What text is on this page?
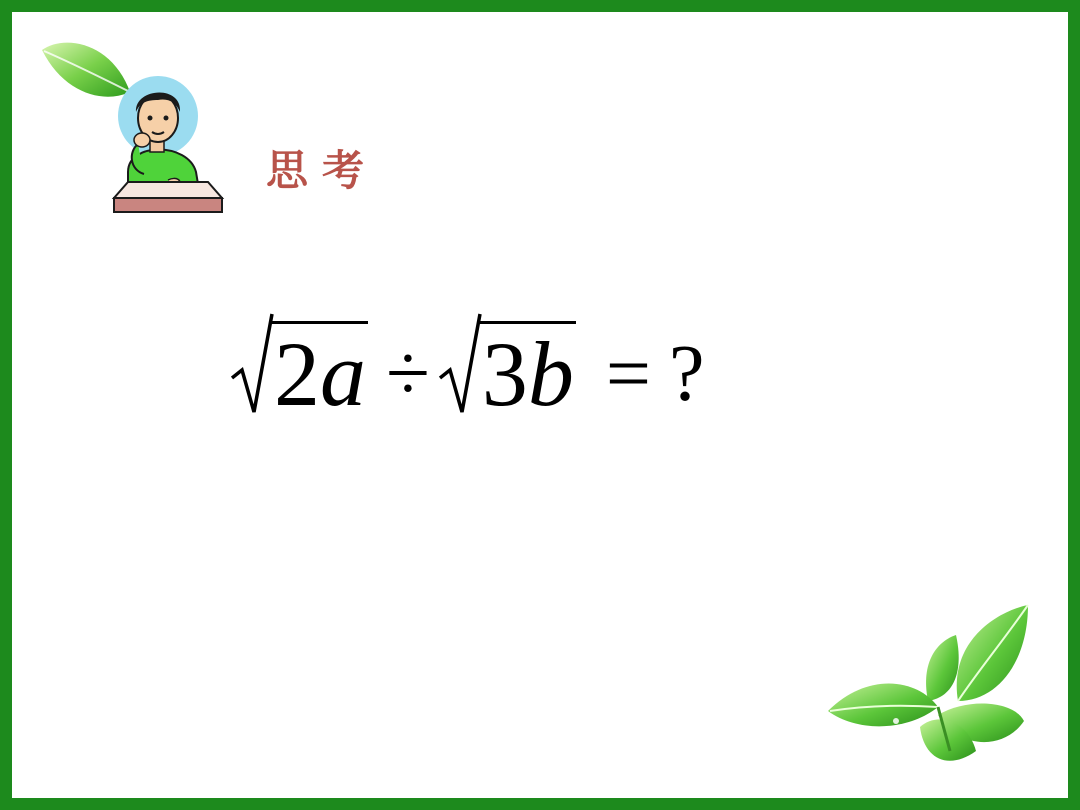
思考
2a ÷ 3b = ?
